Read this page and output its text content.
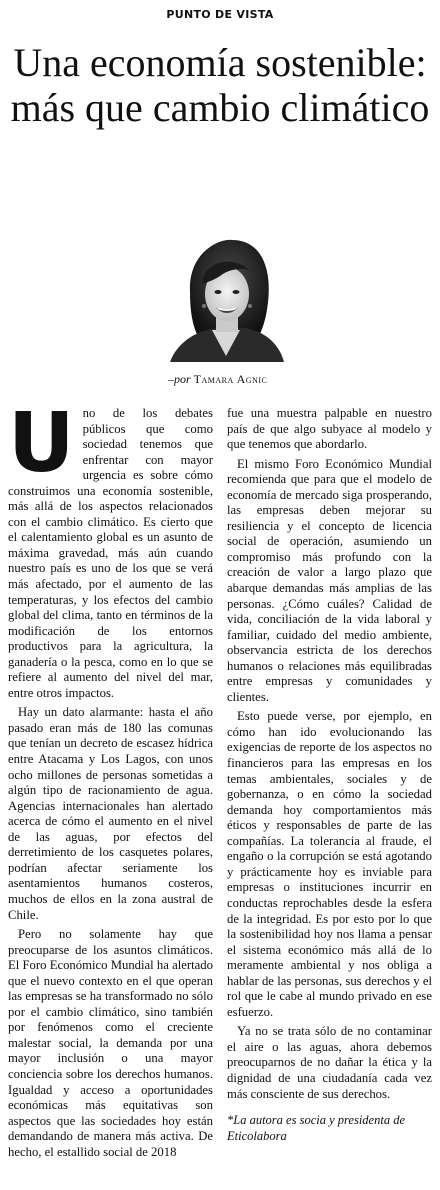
PUNTO DE VISTA
Una economía sostenible: más que cambio climático
–por Tamara Agnic

Uno de los debates públicos que como sociedad tenemos que enfrentar con mayor urgencia es sobre cómo construimos una economía sostenible, más allá de los aspectos relacionados con el cambio climático. Es cierto que el calentamiento global es un asunto de máxima gravedad, más aún cuando nuestro país es uno de los que se verá más afectado, por el aumento de las temperaturas, y los efectos del cambio global del clima, tanto en términos de la modificación de los entornos productivos para la agricultura, la ganadería o la pesca, como en lo que se refiere al aumento del nivel del mar, entre otros impactos.

Hay un dato alarmante: hasta el año pasado eran más de 180 las comunas que tenían un decreto de escasez hídrica entre Atacama y Los Lagos, con unos ocho millones de personas sometidas a algún tipo de racionamiento de agua. Agencias internacionales han alertado acerca de cómo el aumento en el nivel de las aguas, por efectos del derretimiento de los casquetes polares, podrían afectar seriamente los asentamientos humanos costeros, muchos de ellos en la zona austral de Chile.

Pero no solamente hay que preocuparse de los asuntos climáticos. El Foro Económico Mundial ha alertado que el nuevo contexto en el que operan las empresas se ha transformado no sólo por el cambio climático, sino también por fenómenos como el creciente malestar social, la demanda por una mayor inclusión o una mayor conciencia sobre los derechos humanos. Igualdad y acceso a oportunidades económicas más equitativas son aspectos que las sociedades hoy están demandando de manera más activa. De hecho, el estallido social de 2018

fue una muestra palpable en nuestro país de que algo subyace al modelo y que tenemos que abordarlo.

El mismo Foro Económico Mundial recomienda que para que el modelo de economía de mercado siga prosperando, las empresas deben mejorar su resiliencia y el concepto de licencia social de operación, asumiendo un compromiso más profundo con la creación de valor a largo plazo que abarque demandas más amplias de las personas. ¿Cómo cuáles? Calidad de vida, conciliación de la vida laboral y familiar, cuidado del medio ambiente, observancia estricta de los derechos humanos o relaciones más equilibradas entre empresas y comunidades y clientes.

Esto puede verse, por ejemplo, en cómo han ido evolucionando las exigencias de reporte de los aspectos no financieros para las empresas en los temas ambientales, sociales y de gobernanza, o en cómo la sociedad demanda hoy comportamientos más éticos y responsables de parte de las compañías. La tolerancia al fraude, el engaño o la corrupción se está agotando y prácticamente hoy es inviable para empresas o instituciones incurrir en conductas reprochables desde la esfera de la integridad. Es por esto por lo que la sostenibilidad hoy nos llama a pensar el sistema económico más allá de lo meramente ambiental y nos obliga a hablar de las personas, sus derechos y el rol que le cabe al mundo privado en ese esfuerzo.

Ya no se trata sólo de no contaminar el aire o las aguas, ahora debemos preocuparnos de no dañar la ética y la dignidad de una ciudadanía cada vez más consciente de sus derechos.

*La autora es socia y presidenta de Eticolabora
